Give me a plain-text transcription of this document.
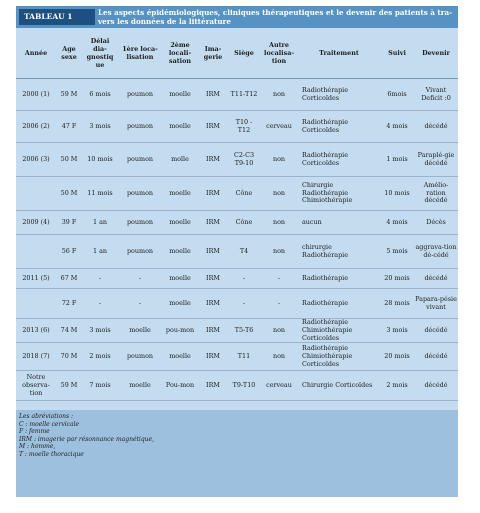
TABLEAU 1	Les aspects épidémiologiques, cliniques thérapeutiques et le devenir des patients à tra-
vers les données de la littérature
Année	Age sexe	Délai dia-gnostiq ue	1ère loca-lisation	2ème locali-sation	Ima-gerie	Siège	Autre localisa-tion	Traitement	Suivi	Devenir
2000 (1)	59 M	6 mois	poumon	moelle	IRM	T11-T12	non	Radiothérapie Corticoïdes	6mois	Vivant Deficit :0
2006 (2)	47 F	3 mois	poumon	moelle	IRM	T10 - T12	cerveau	Radiothérapie Corticoïdes	4 mois	décédé
2006 (3)	50 M	10 mois	poumon	molle	IRM	C2-C3 T9-10	non	Radiothérapie Corticoïdes	1 mois	Paraplé-gie décédé
	50 M	11 mois	poumon	moelle	IRM	Cône	non	Chirurgie Radiothérapie Chimiothérapie	10 mois	Amélio-ration décédé
2009 (4)	39 F	1 an	poumon	moelle	IRM	Cône	non	aucun	4 mois	Décès
	56 F	1 an	poumon	moelle	IRM	T4	non	chirurgie Radiothérapie	5 mois	aggrava-tion dé-cédé
2011 (5)	67 M	-	-	moelle	IRM	-	-	Radiothérapie	20 mois	décédé
	72 F	-	-	moelle	IRM	-	-	Radiothérapie	28 mois	Papara-pésie vivant
2013 (6)	74 M	3 mois	moelle	pou-mon	IRM	T5-T6	non	Radiothérapie Chimiothérapie Corticoïdes	3 mois	décédé
2018 (7)	70 M	2 mois	poumon	moelle	IRM	T11	non	Radiothérapie Chimiothérapie Corticoïdes	20 mois	décédé
Notre observa-tion	59 M	7 mois	moelle	Pou-mon	IRM	T9-T10	cerveau	Chirurgie Corticoïdes	2 mois	décédé
Les abréviations :
C : moelle cervicale
F : femme
IRM : imagerie par résonnance magnétique,
M : homme,
T : moelle thoracique
